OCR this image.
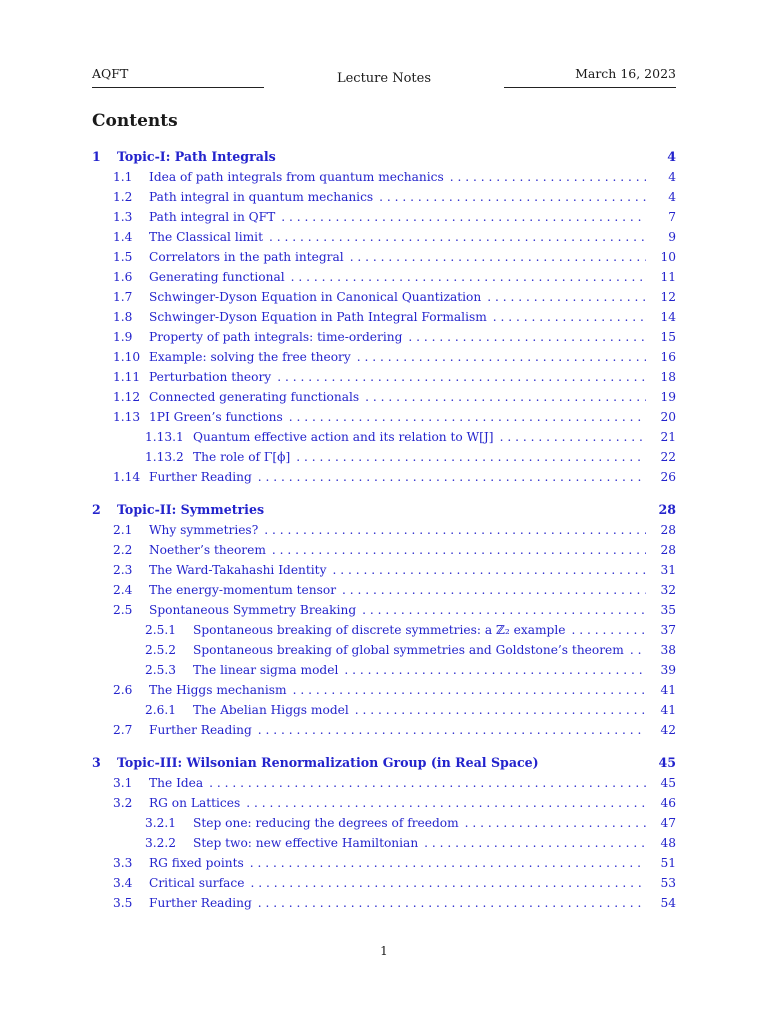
AQFT	Lecture Notes	March 16, 2023
Contents
1	Topic-I: Path Integrals	4
1.1	Idea of path integrals from quantum mechanics . . .	4
1.2	Path integral in quantum mechanics . . .	4
1.3	Path integral in QFT . . .	7
1.4	The Classical limit . . .	9
1.5	Correlators in the path integral . . .	10
1.6	Generating functional . . .	11
1.7	Schwinger-Dyson Equation in Canonical Quantization . . .	12
1.8	Schwinger-Dyson Equation in Path Integral Formalism . . .	14
1.9	Property of path integrals: time-ordering . . .	15
1.10 Example: solving the free theory . . .	16
1.11 Perturbation theory . . .	18
1.12 Connected generating functionals . . .	19
1.13 1PI Green’s functions . . .	20
1.13.1 Quantum effective action and its relation to W[J] . . .	21
1.13.2 The role of Γ[ϕ] . . .	22
1.14 Further Reading . . .	26
2	Topic-II: Symmetries	28
2.1	Why symmetries? . . .	28
2.2	Noether’s theorem . . .	28
2.3	The Ward-Takahashi Identity . . .	31
2.4	The energy-momentum tensor . . .	32
2.5	Spontaneous Symmetry Breaking . . .	35
2.5.1	Spontaneous breaking of discrete symmetries: a ℤ₂ example . . .	37
2.5.2	Spontaneous breaking of global symmetries and Goldstone’s theorem . . .	38
2.5.3	The linear sigma model . . .	39
2.6	The Higgs mechanism . . .	41
2.6.1	The Abelian Higgs model . . .	41
2.7	Further Reading . . .	42
3	Topic-III: Wilsonian Renormalization Group (in Real Space)	45
3.1	The Idea . . .	45
3.2	RG on Lattices . . .	46
3.2.1	Step one: reducing the degrees of freedom . . .	47
3.2.2	Step two: new effective Hamiltonian . . .	48
3.3	RG fixed points . . .	51
3.4	Critical surface . . .	53
3.5	Further Reading . . .	54
1
